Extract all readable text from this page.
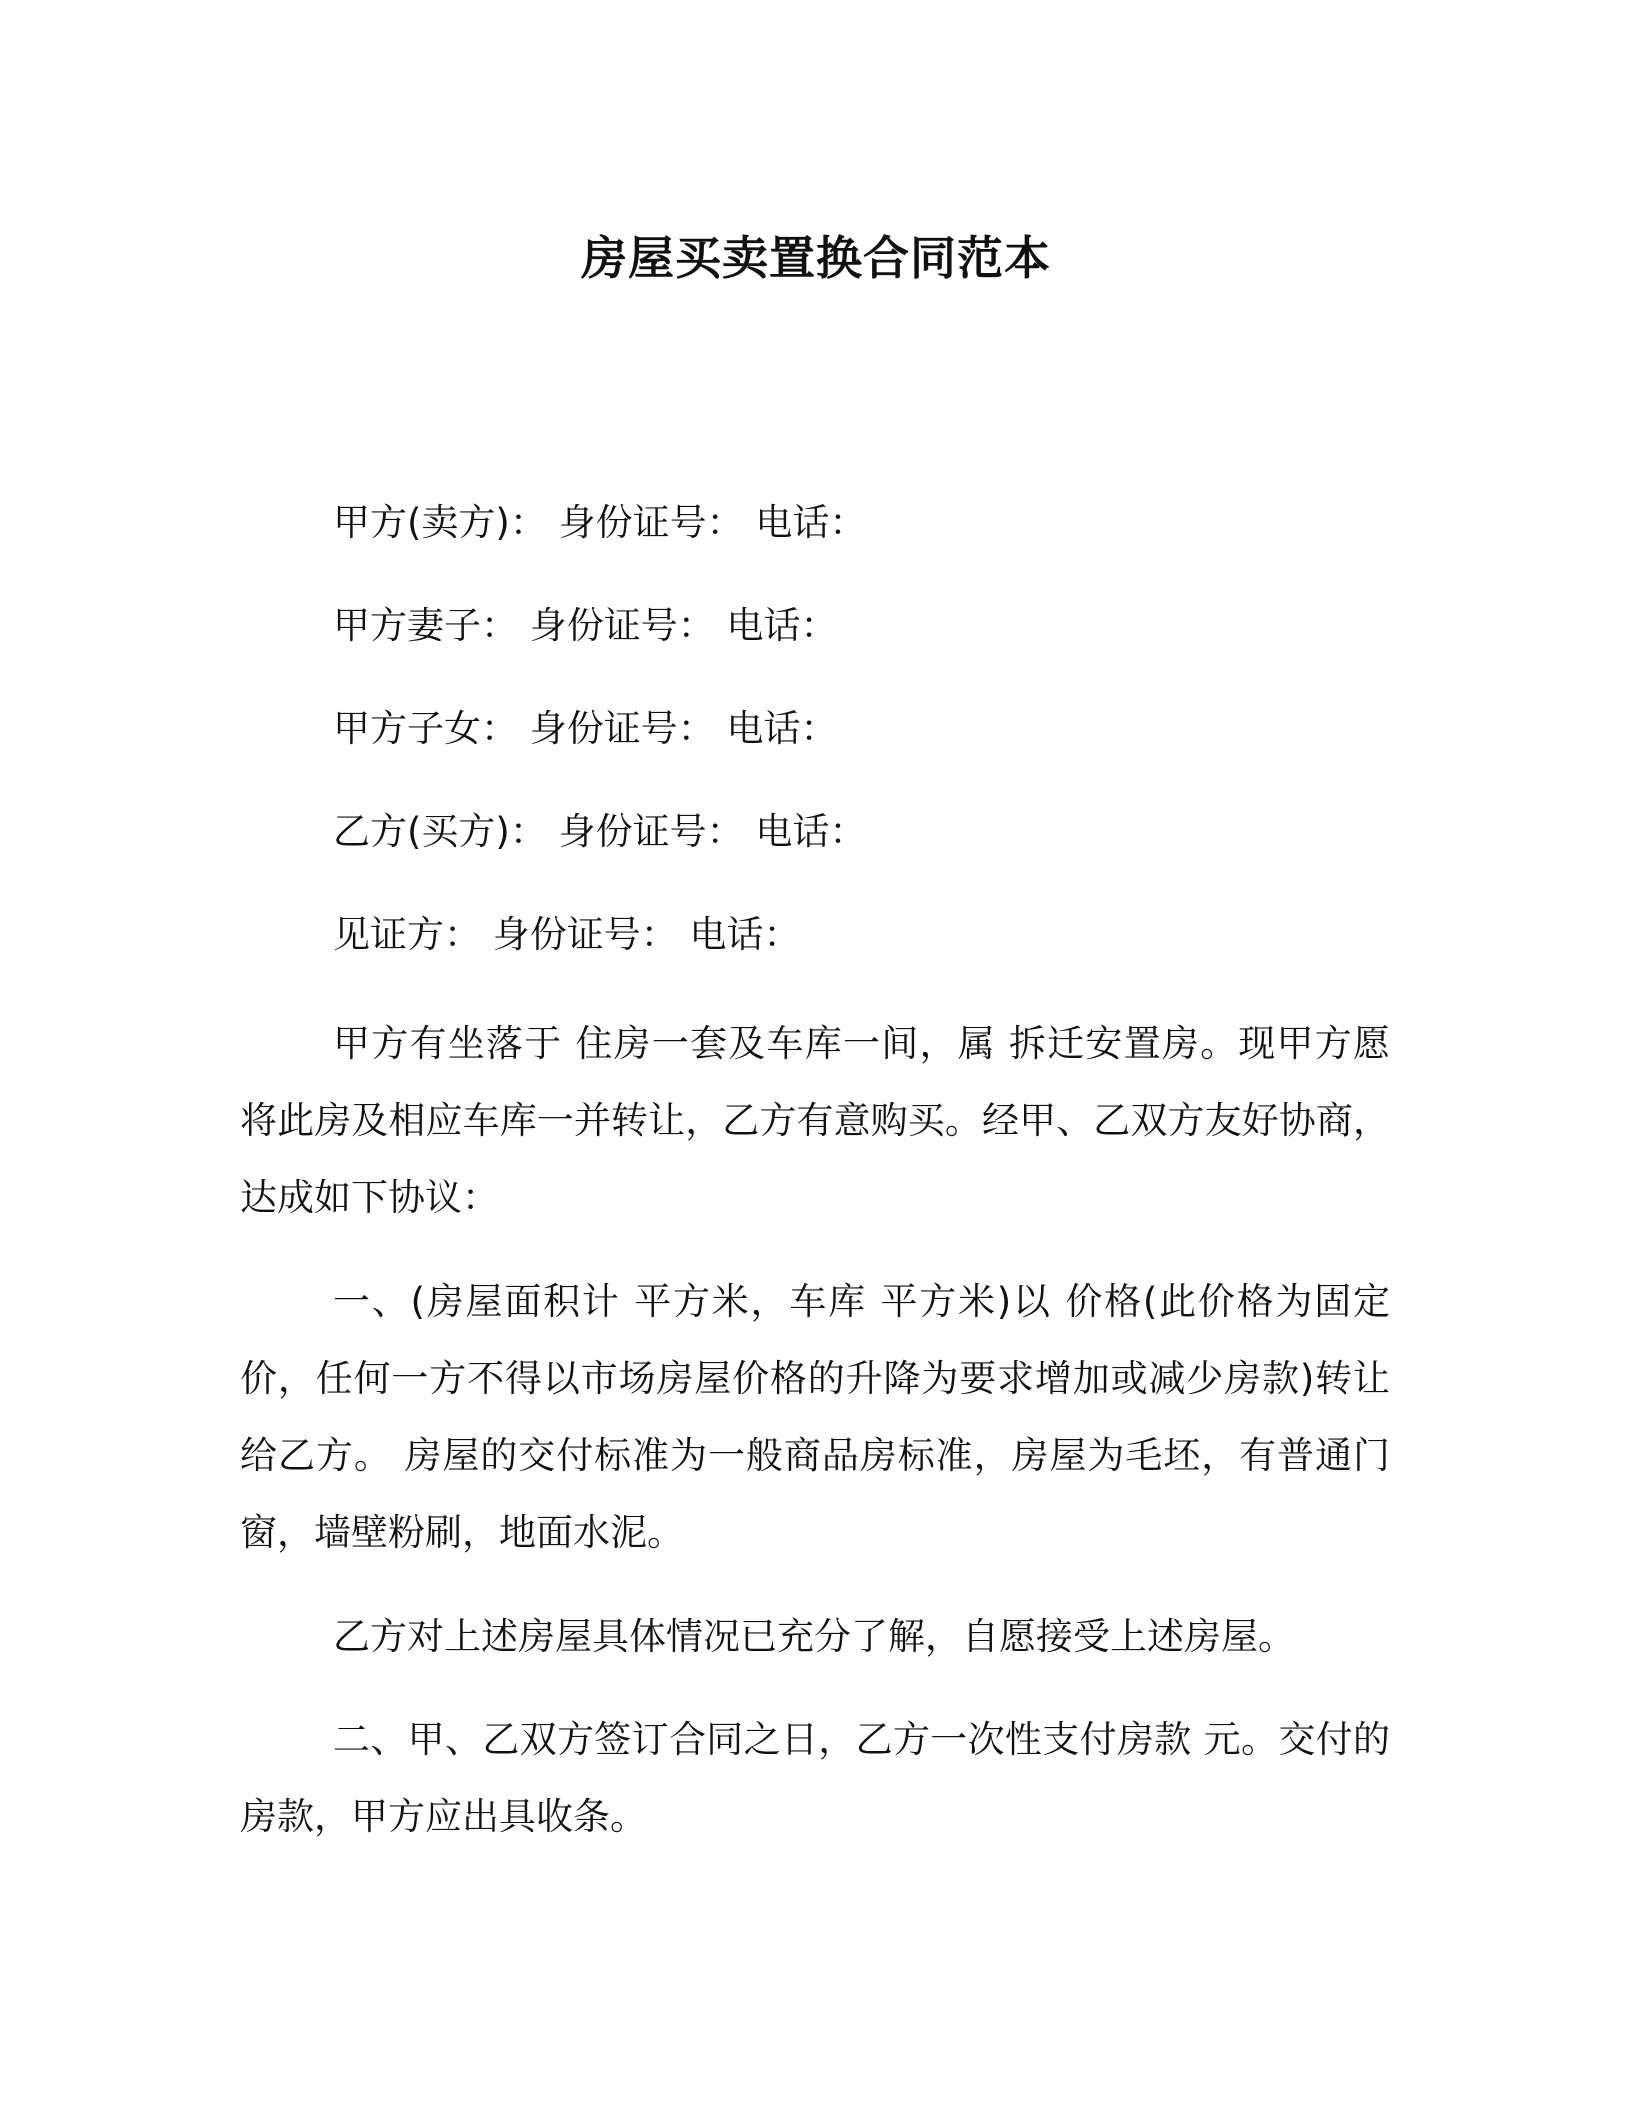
房屋买卖置换合同范本
甲方(卖方)： 身份证号： 电话：
甲方妻子： 身份证号： 电话：
甲方子女： 身份证号： 电话：
乙方(买方)： 身份证号： 电话：
见证方： 身份证号： 电话：

甲方有坐落于 住房一套及车库一间，属 拆迁安置房。现甲方愿将此房及相应车库一并转让，乙方有意购买。经甲、乙双方友好协商，达成如下协议：

一、(房屋面积计 平方米，车库 平方米)以 价格(此价格为固定价，任何一方不得以市场房屋价格的升降为要求增加或减少房款)转让给乙方。 房屋的交付标准为一般商品房标准，房屋为毛坯，有普通门窗，墙壁粉刷，地面水泥。

乙方对上述房屋具体情况已充分了解，自愿接受上述房屋。

二、甲、乙双方签订合同之日，乙方一次性支付房款 元。交付的房款，甲方应出具收条。
